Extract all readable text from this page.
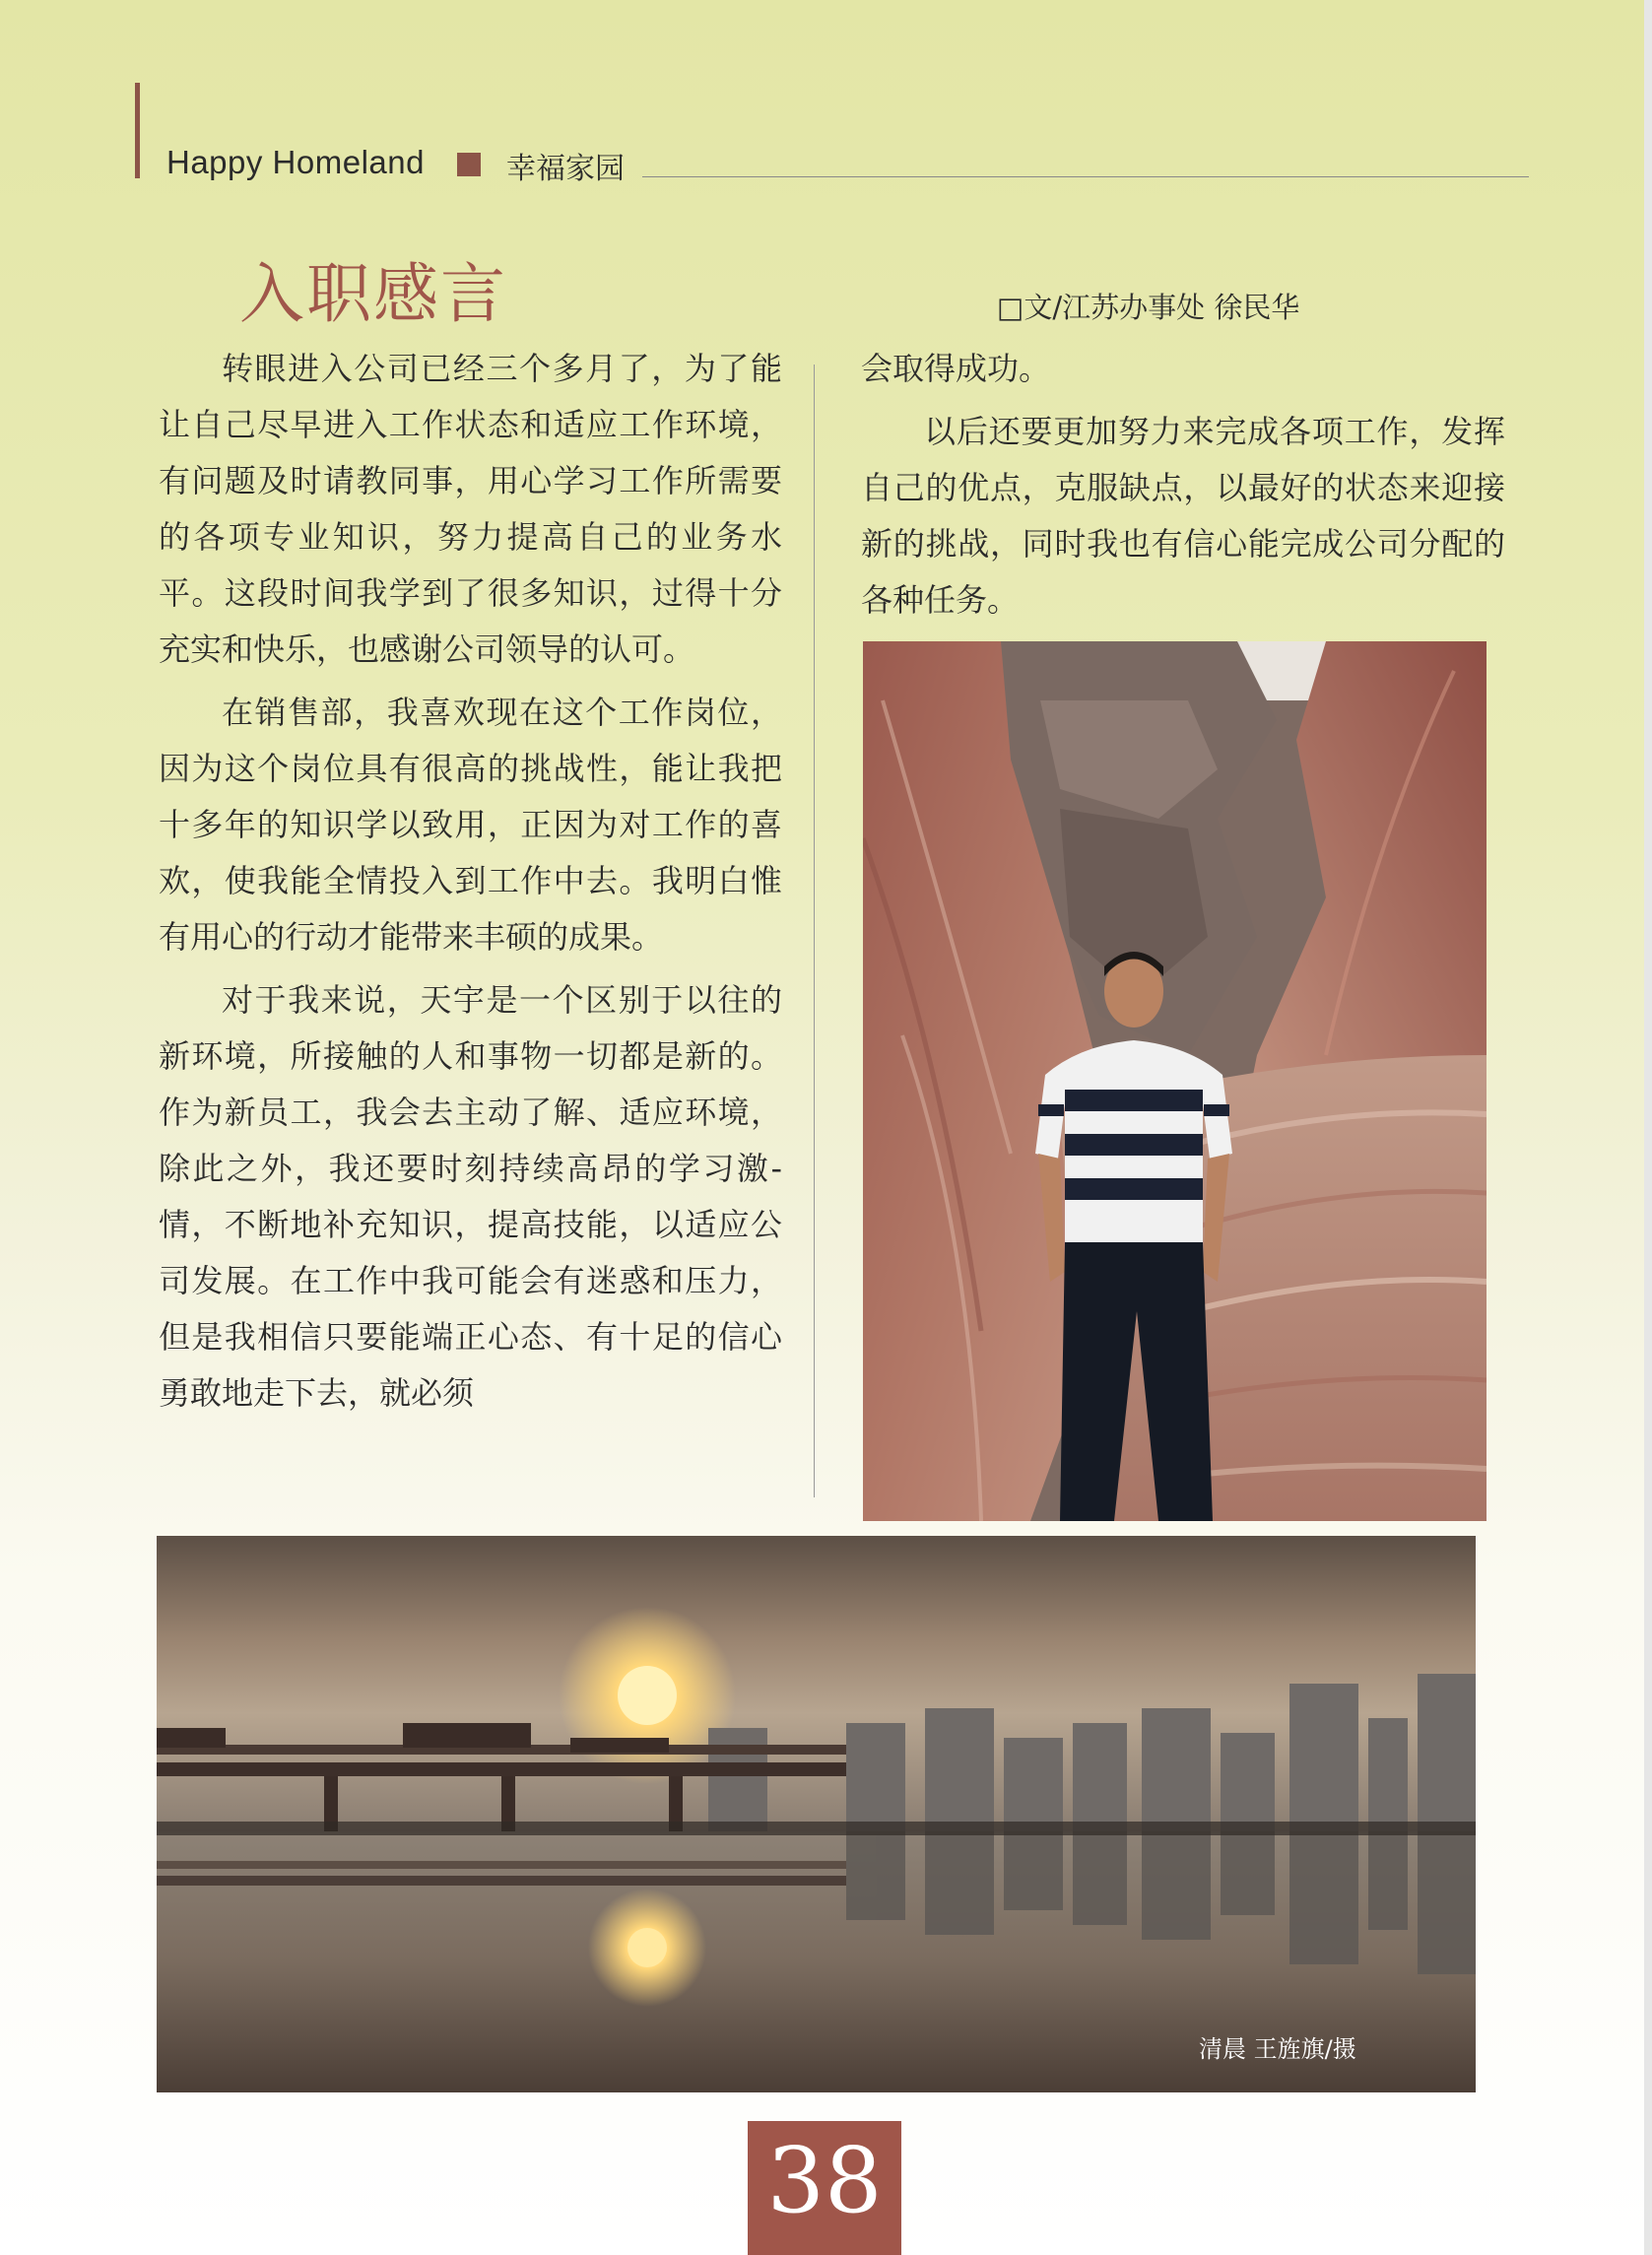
Happy Homeland	幸福家园
入职感言	□文/江苏办事处 徐民华

转眼进入公司已经三个多月了，为了能让自己尽早进入工作状态和适应工作环境，有问题及时请教同事，用心学习工作所需要的各项专业知识，努力提高自己的业务水平。这段时间我学到了很多知识，过得十分充实和快乐，也感谢公司领导的认可。

在销售部，我喜欢现在这个工作岗位，因为这个岗位具有很高的挑战性，能让我把十多年的知识学以致用，正因为对工作的喜欢，使我能全情投入到工作中去。我明白惟有用心的行动才能带来丰硕的成果。

对于我来说，天宇是一个区别于以往的新环境，所接触的人和事物一切都是新的。作为新员工，我会去主动了解、适应环境，除此之外，我还要时刻持续高昂的学习激-情，不断地补充知识，提高技能，以适应公司发展。在工作中我可能会有迷惑和压力，但是我相信只要能端正心态、有十足的信心勇敢地走下去，就必须

会取得成功。

以后还要更加努力来完成各项工作，发挥自己的优点，克服缺点，以最好的状态来迎接新的挑战，同时我也有信心能完成公司分配的各种任务。

清晨 王旌旗/摄
38
